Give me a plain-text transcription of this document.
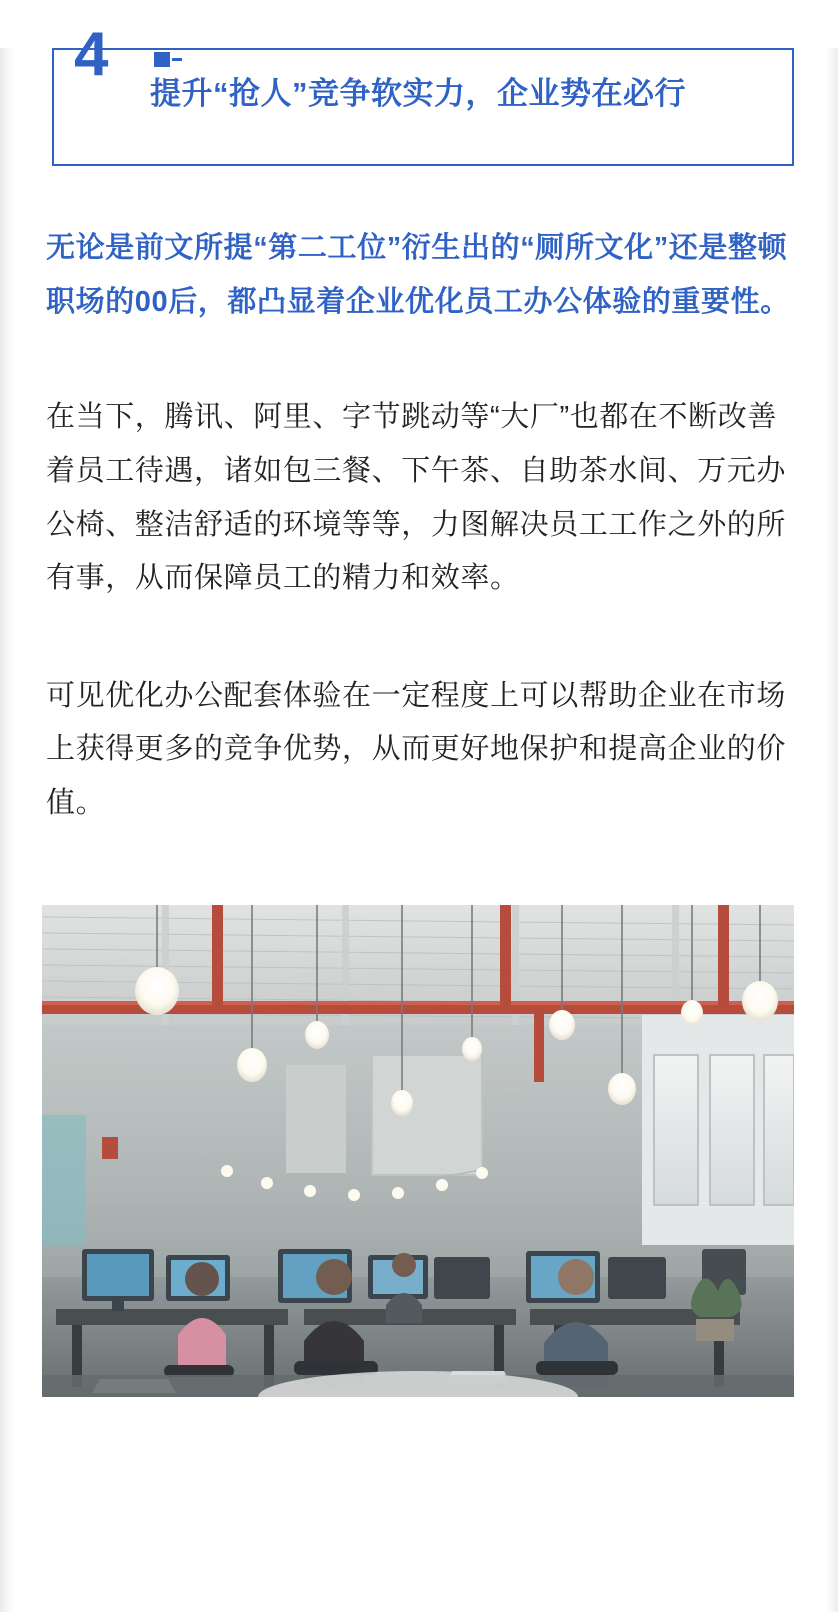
4
提升“抢人”竞争软实力，企业势在必行

无论是前文所提“第二工位”衍生出的“厕所文化”还是整顿职场的00后，都凸显着企业优化员工办公体验的重要性。

在当下，腾讯、阿里、字节跳动等“大厂”也都在不断改善着员工待遇，诸如包三餐、下午茶、自助茶水间、万元办公椅、整洁舒适的环境等等，力图解决员工工作之外的所有事，从而保障员工的精力和效率。

可见优化办公配套体验在一定程度上可以帮助企业在市场上获得更多的竞争优势，从而更好地保护和提高企业的价值。
